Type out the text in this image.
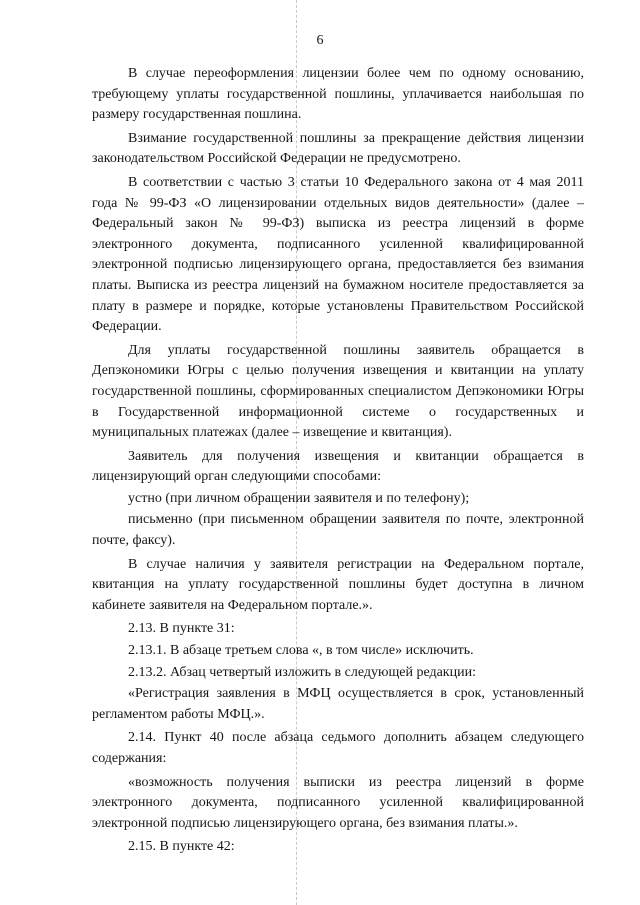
6

В случае переоформления лицензии более чем по одному основанию, требующему уплаты государственной пошлины, уплачивается наибольшая по размеру государственная пошлина.

Взимание государственной пошлины за прекращение действия лицензии законодательством Российской Федерации не предусмотрено.

В соответствии с частью 3 статьи 10 Федерального закона от 4 мая 2011 года № 99-ФЗ «О лицензировании отдельных видов деятельности» (далее – Федеральный закон № 99-ФЗ) выписка из реестра лицензий в форме электронного документа, подписанного усиленной квалифицированной электронной подписью лицензирующего органа, предоставляется без взимания платы. Выписка из реестра лицензий на бумажном носителе предоставляется за плату в размере и порядке, которые установлены Правительством Российской Федерации.

Для уплаты государственной пошлины заявитель обращается в Депэкономики Югры с целью получения извещения и квитанции на уплату государственной пошлины, сформированных специалистом Депэкономики Югры в Государственной информационной системе о государственных и муниципальных платежах (далее – извещение и квитанция).

Заявитель для получения извещения и квитанции обращается в лицензирующий орган следующими способами:

устно (при личном обращении заявителя и по телефону);

письменно (при письменном обращении заявителя по почте, электронной почте, факсу).

В случае наличия у заявителя регистрации на Федеральном портале, квитанция на уплату государственной пошлины будет доступна в личном кабинете заявителя на Федеральном портале.».

2.13. В пункте 31:

2.13.1. В абзаце третьем слова «, в том числе» исключить.

2.13.2. Абзац четвертый изложить в следующей редакции:

«Регистрация заявления в МФЦ осуществляется в срок, установленный регламентом работы МФЦ.».

2.14. Пункт 40 после абзаца седьмого дополнить абзацем следующего содержания:

«возможность получения выписки из реестра лицензий в форме электронного документа, подписанного усиленной квалифицированной электронной подписью лицензирующего органа, без взимания платы.».

2.15. В пункте 42:
